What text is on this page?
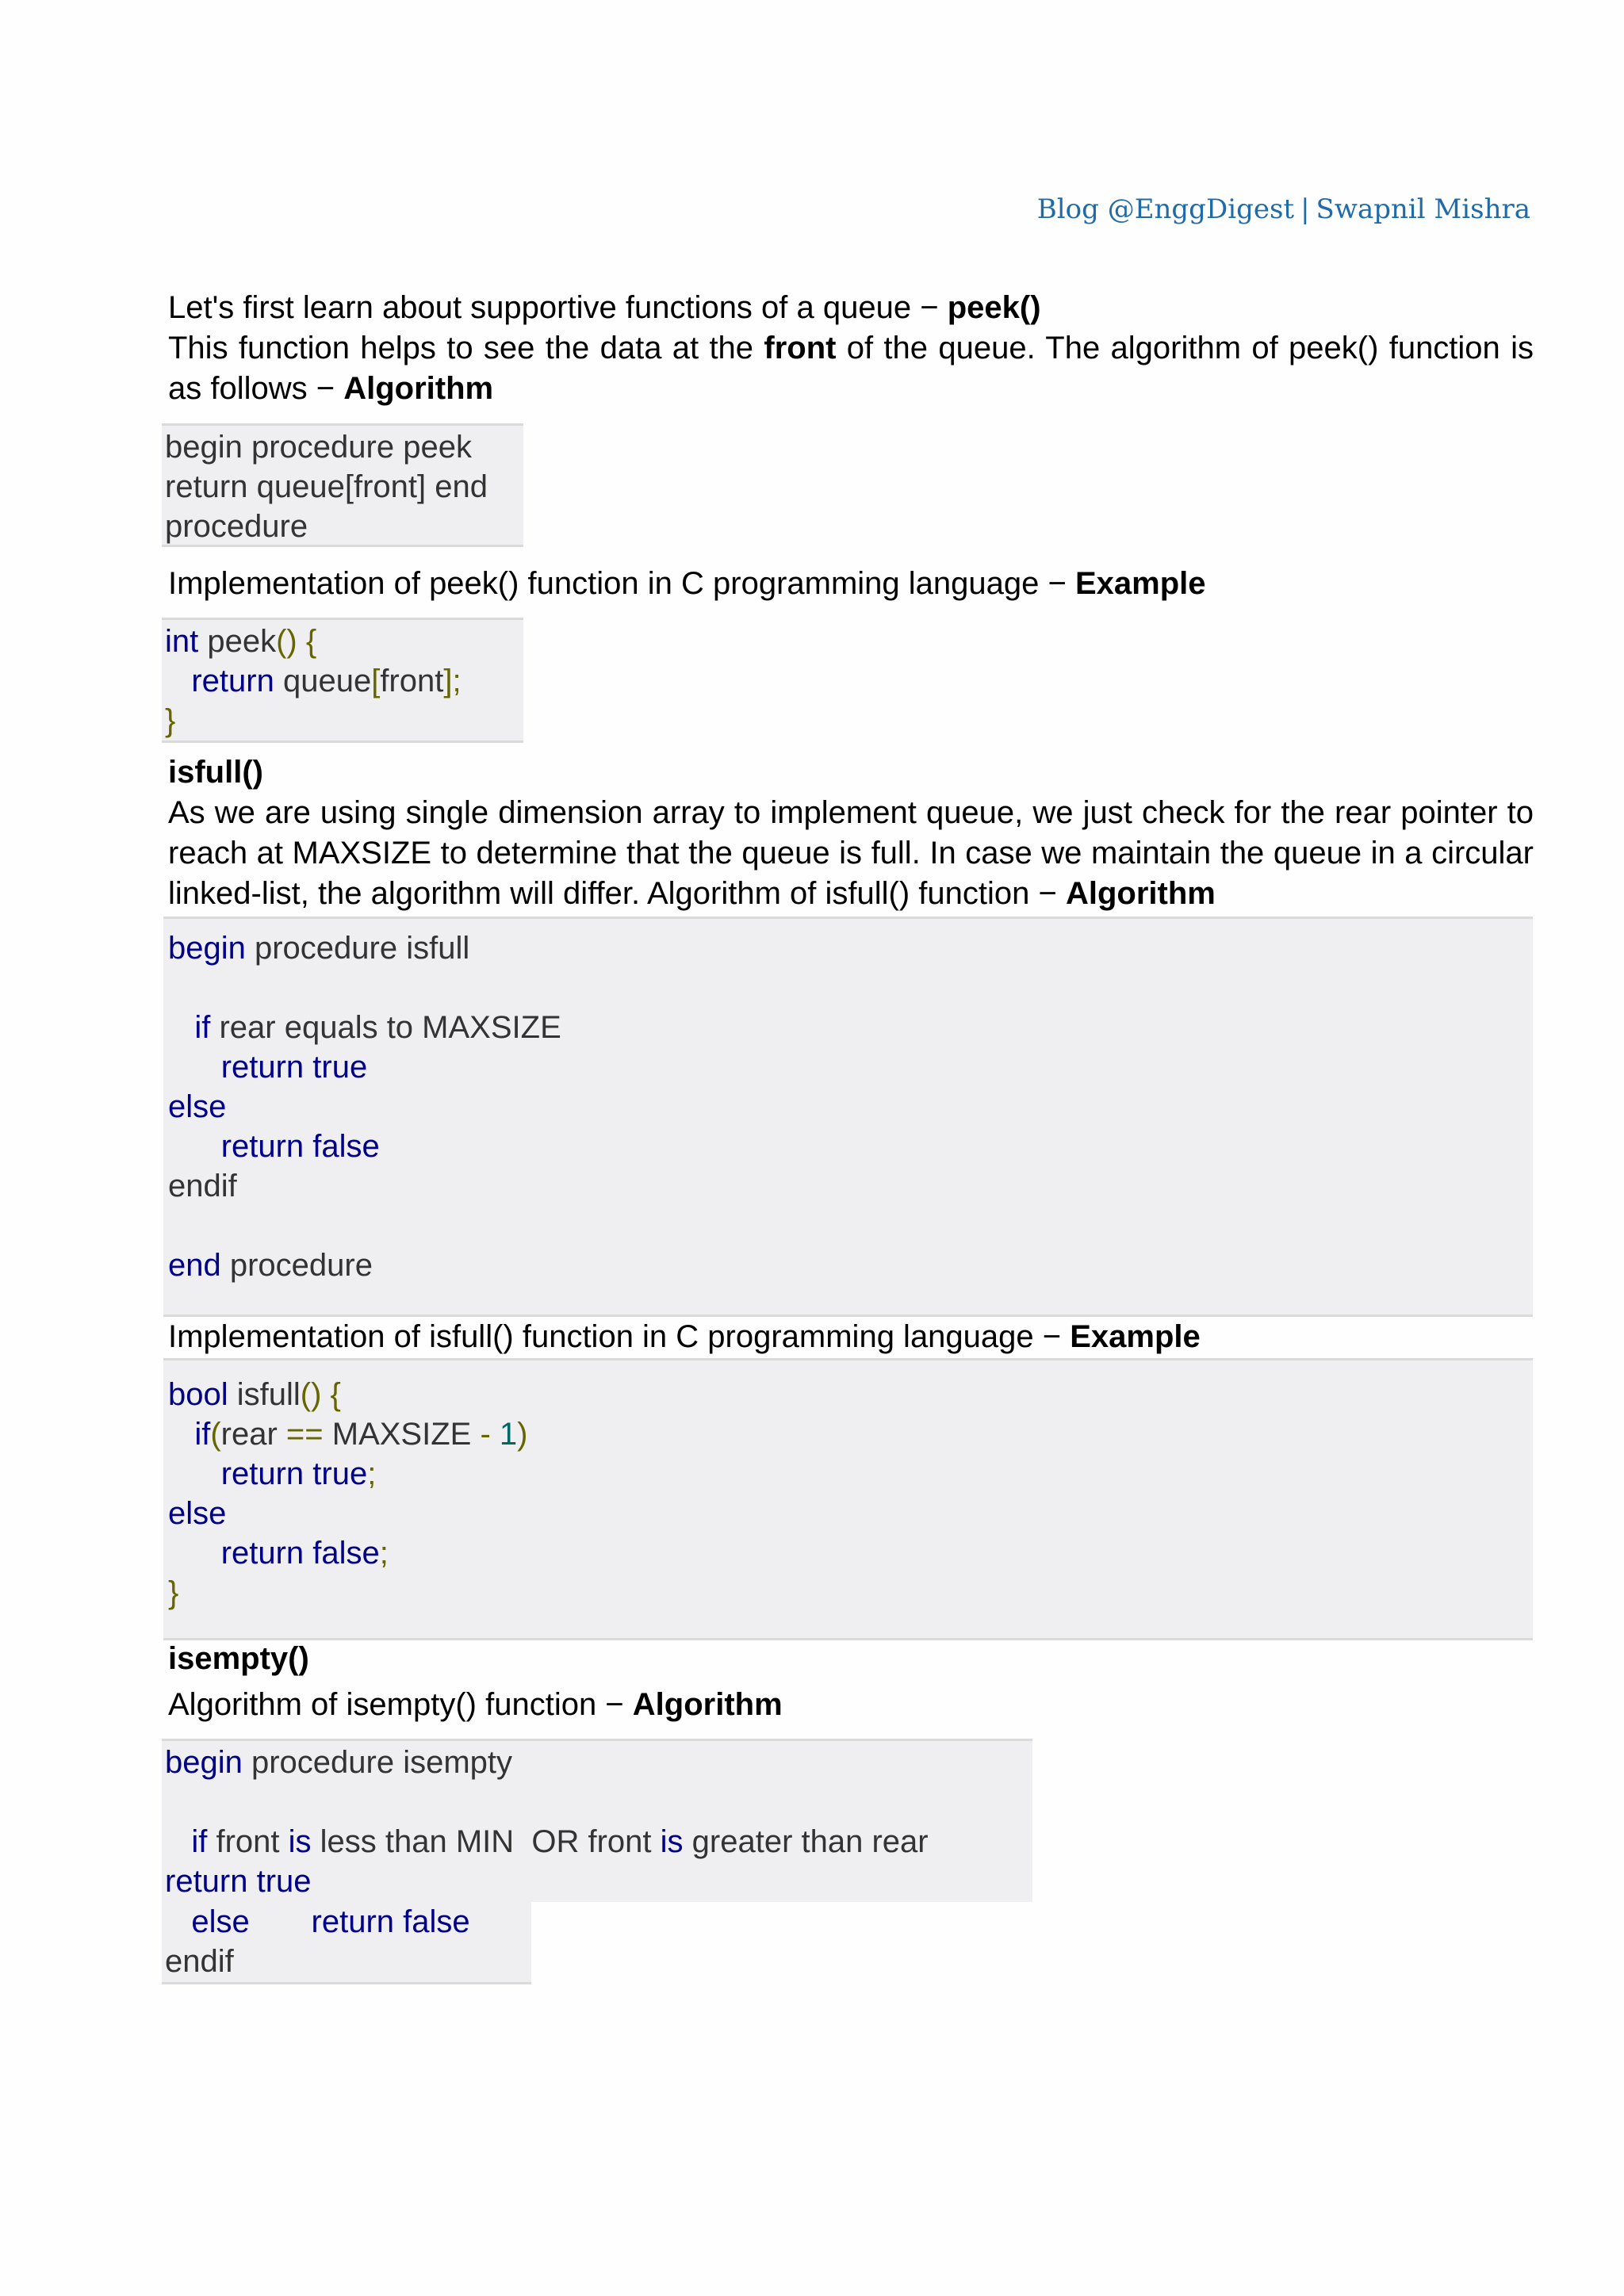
Blog @EnggDigest | Swapnil Mishra
Let's first learn about supportive functions of a queue − peek()
This function helps to see the data at the front of the queue. The algorithm of peek() function is as follows − Algorithm
begin procedure peek
return queue[front] end
procedure
Implementation of peek() function in C programming language − Example
int peek() {
return queue[front];
}
isfull()
As we are using single dimension array to implement queue, we just check for the rear pointer to reach at MAXSIZE to determine that the queue is full. In case we maintain the queue in a circular linked-list, the algorithm will differ. Algorithm of isfull() function − Algorithm
begin procedure isfull
if rear equals to MAXSIZE
return true
else
return false
endif
end procedure
Implementation of isfull() function in C programming language − Example
bool isfull() {
if(rear == MAXSIZE - 1)
return true;
else
return false;
}
isempty()
Algorithm of isempty() function − Algorithm
begin procedure isempty
if front is less than MIN  OR front is greater than rear
return true
else return false
endif
